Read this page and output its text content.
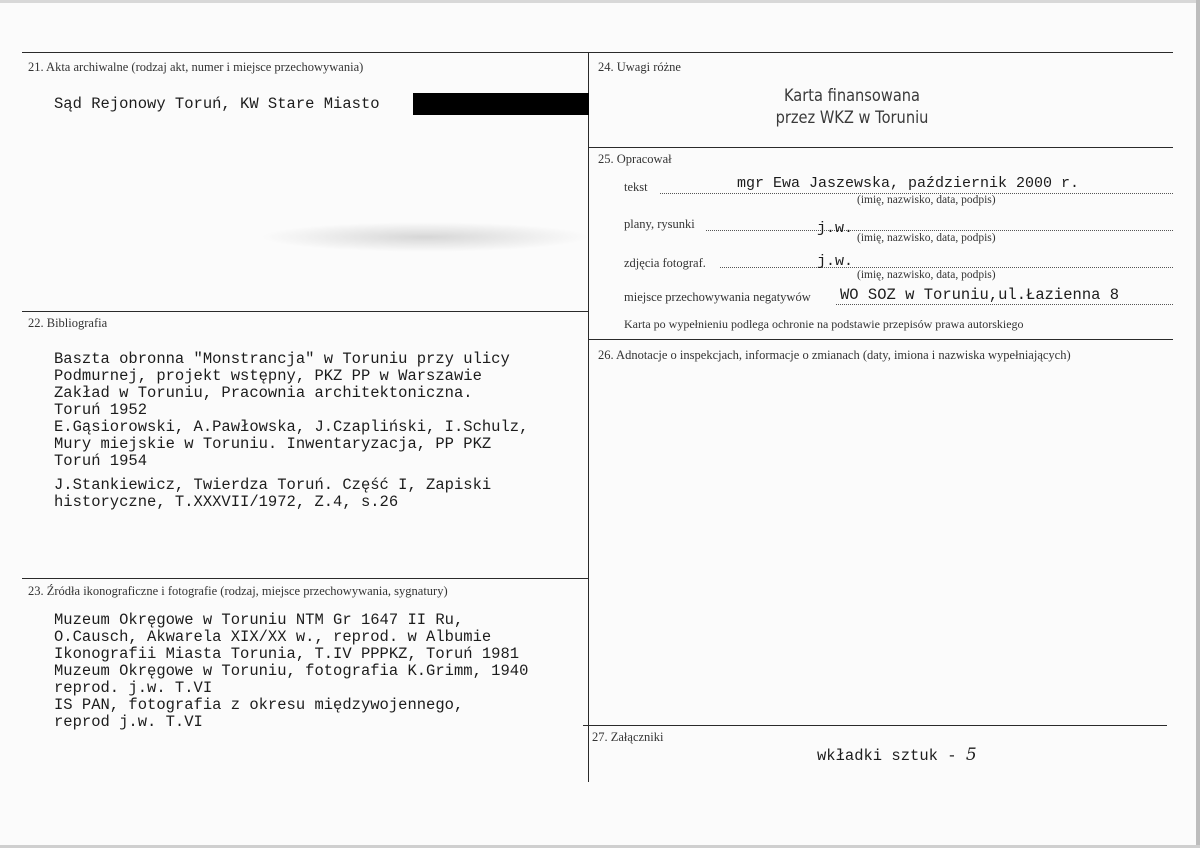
21. Akta archiwalne (rodzaj akt, numer i miejsce przechowywania)
Sąd Rejonowy Toruń, KW Stare Miasto
22. Bibliografia
Baszta obronna "Monstrancja" w Toruniu przy ulicy
Podmurnej, projekt wstępny, PKZ PP w Warszawie
Zakład w Toruniu, Pracownia architektoniczna.
Toruń 1952
E.Gąsiorowski, A.Pawłowska, J.Czapliński, I.Schulz,
Mury miejskie w Toruniu. Inwentaryzacja, PP PKZ
Toruń 1954
J.Stankiewicz, Twierdza Toruń. Część I, Zapiski
historyczne, T.XXXVII/1972, Z.4, s.26
23. Źródła ikonograficzne i fotografie (rodzaj, miejsce przechowywania, sygnatury)
Muzeum Okręgowe w Toruniu NTM Gr 1647 II Ru,
O.Causch, Akwarela XIX/XX w., reprod. w Albumie
Ikonografii Miasta Torunia, T.IV PPPKZ, Toruń 1981
Muzeum Okręgowe w Toruniu, fotografia K.Grimm, 1940
reprod. j.w. T.VI
IS PAN, fotografia z okresu międzywojennego,
reprod j.w. T.VI
24. Uwagi różne
Karta finansowana
przez WKZ w Toruniu
25. Opracował
tekst	mgr Ewa Jaszewska, październik 2000 r.
(imię, nazwisko, data, podpis)
plany, rysunki	j.w.
(imię, nazwisko, data, podpis)
zdjęcia fotograf.	j.w.
(imię, nazwisko, data, podpis)
miejsce przechowywania negatywów WO SOZ w Toruniu,ul.Łazienna 8
Karta po wypełnieniu podlega ochronie na podstawie przepisów prawa autorskiego
26. Adnotacje o inspekcjach, informacje o zmianach (daty, imiona i nazwiska wypełniających)
27. Załączniki
wkładki sztuk - 5
